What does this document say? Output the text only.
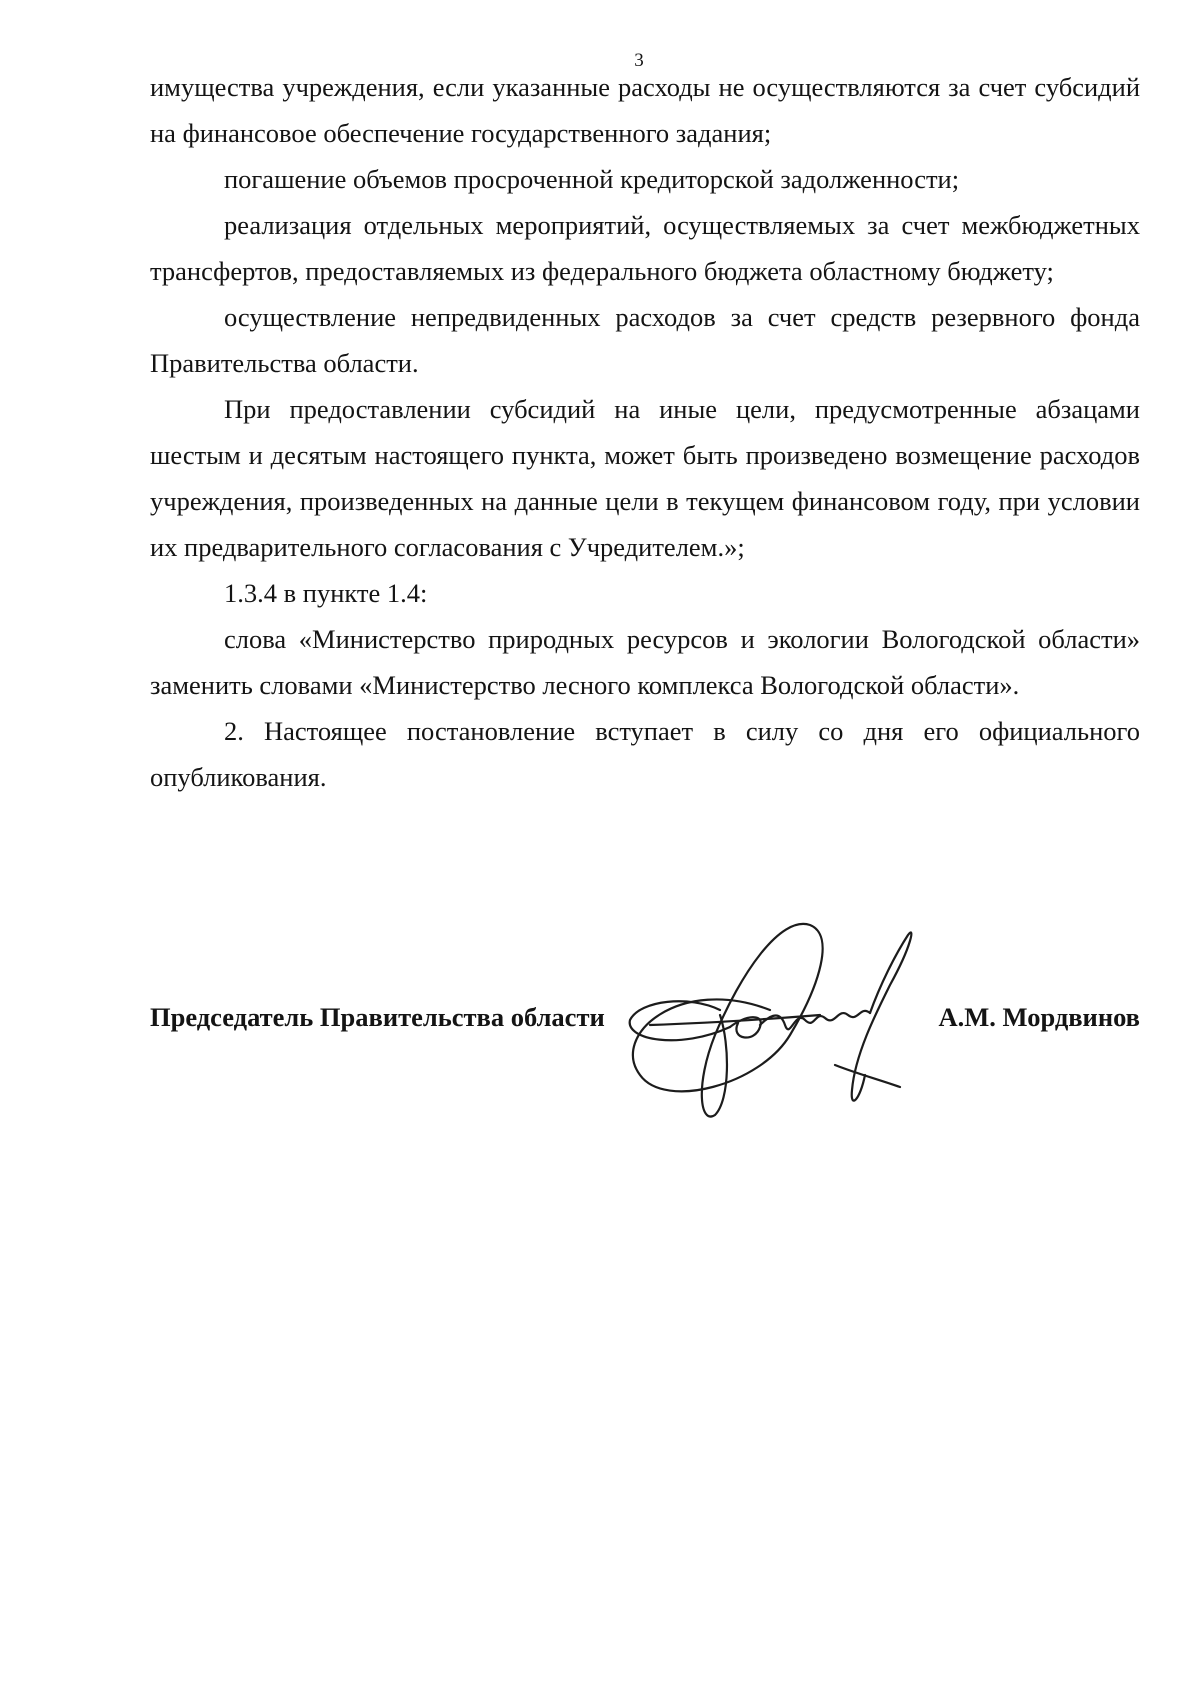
3

имущества учреждения, если указанные расходы не осуществляются за счет субсидий на финансовое обеспечение государственного задания;

погашение объемов просроченной кредиторской задолженности;

реализация отдельных мероприятий, осуществляемых за счет межбюджетных трансфертов, предоставляемых из федерального бюджета областному бюджету;

осуществление непредвиденных расходов за счет средств резервного фонда Правительства области.

При предоставлении субсидий на иные цели, предусмотренные абзацами шестым и десятым настоящего пункта, может быть произведено возмещение расходов учреждения, произведенных на данные цели в текущем финансовом году, при условии их предварительного согласования с Учредителем.»;

1.3.4 в пункте 1.4:

слова «Министерство природных ресурсов и экологии Вологодской области» заменить словами «Министерство лесного комплекса Вологодской области».

2. Настоящее постановление вступает в силу со дня его официального опубликования.

Председатель Правительства области	А.М. Мордвинов
